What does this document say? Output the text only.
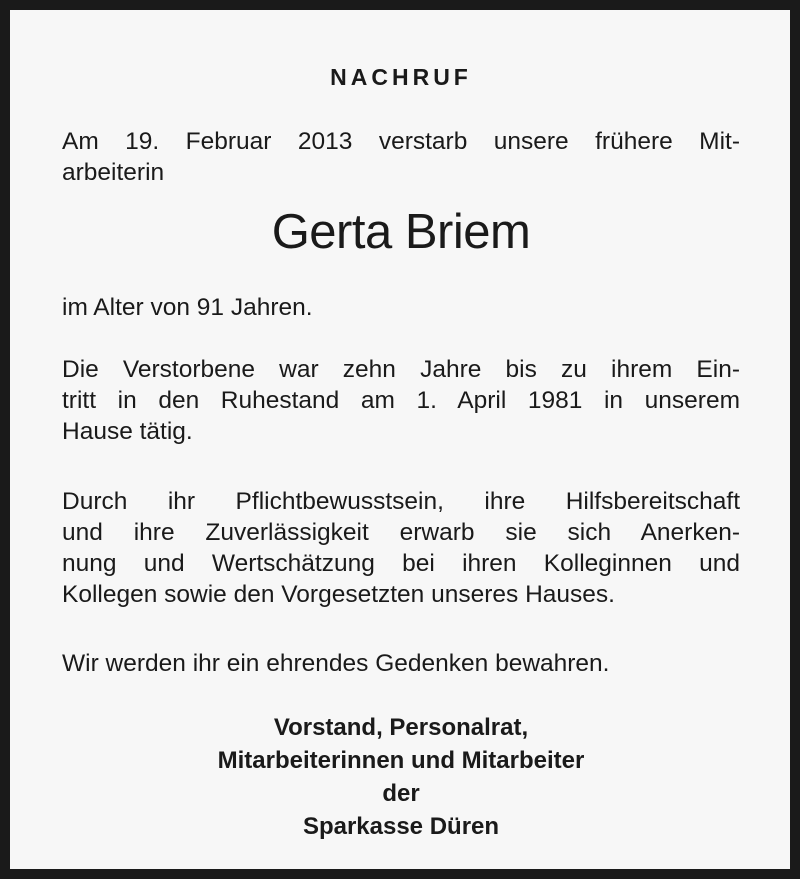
NACHRUF
Am 19. Februar 2013 verstarb unsere frühere Mit-
arbeiterin
Gerta Briem
im Alter von 91 Jahren.
Die Verstorbene war zehn Jahre bis zu ihrem Ein-
tritt in den Ruhestand am 1. April 1981 in unserem
Hause tätig.
Durch ihr Pflichtbewusstsein, ihre Hilfsbereitschaft
und ihre Zuverlässigkeit erwarb sie sich Anerken-
nung und Wertschätzung bei ihren Kolleginnen und
Kollegen sowie den Vorgesetzten unseres Hauses.
Wir werden ihr ein ehrendes Gedenken bewahren.
Vorstand, Personalrat,
Mitarbeiterinnen und Mitarbeiter
der
Sparkasse Düren
